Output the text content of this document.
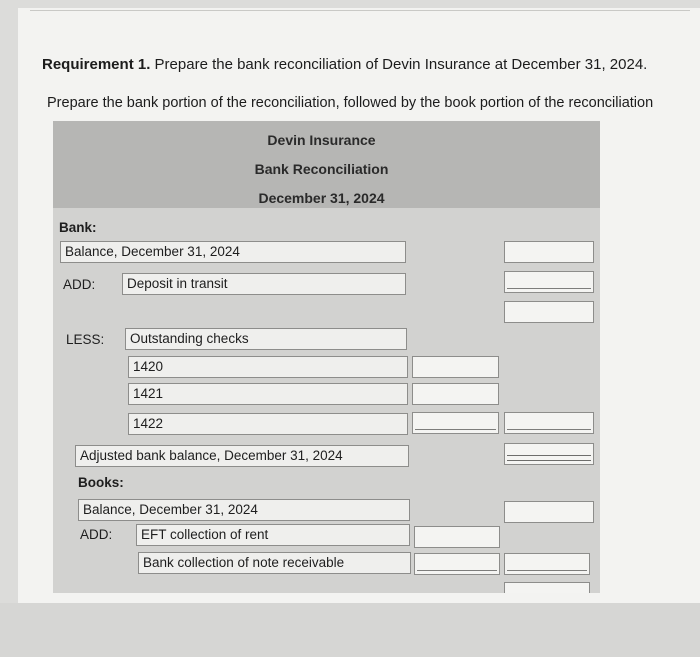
Requirement 1. Prepare the bank reconciliation of Devin Insurance at December 31, 2024.
Prepare the bank portion of the reconciliation, followed by the book portion of the reconciliation
Devin Insurance
Bank Reconciliation
December 31, 2024
Bank:
Balance, December 31, 2024
ADD:	Deposit in transit
LESS:	Outstanding checks
1420
1421
1422
Adjusted bank balance, December 31, 2024
Books:
Balance, December 31, 2024
ADD:	EFT collection of rent
Bank collection of note receivable
